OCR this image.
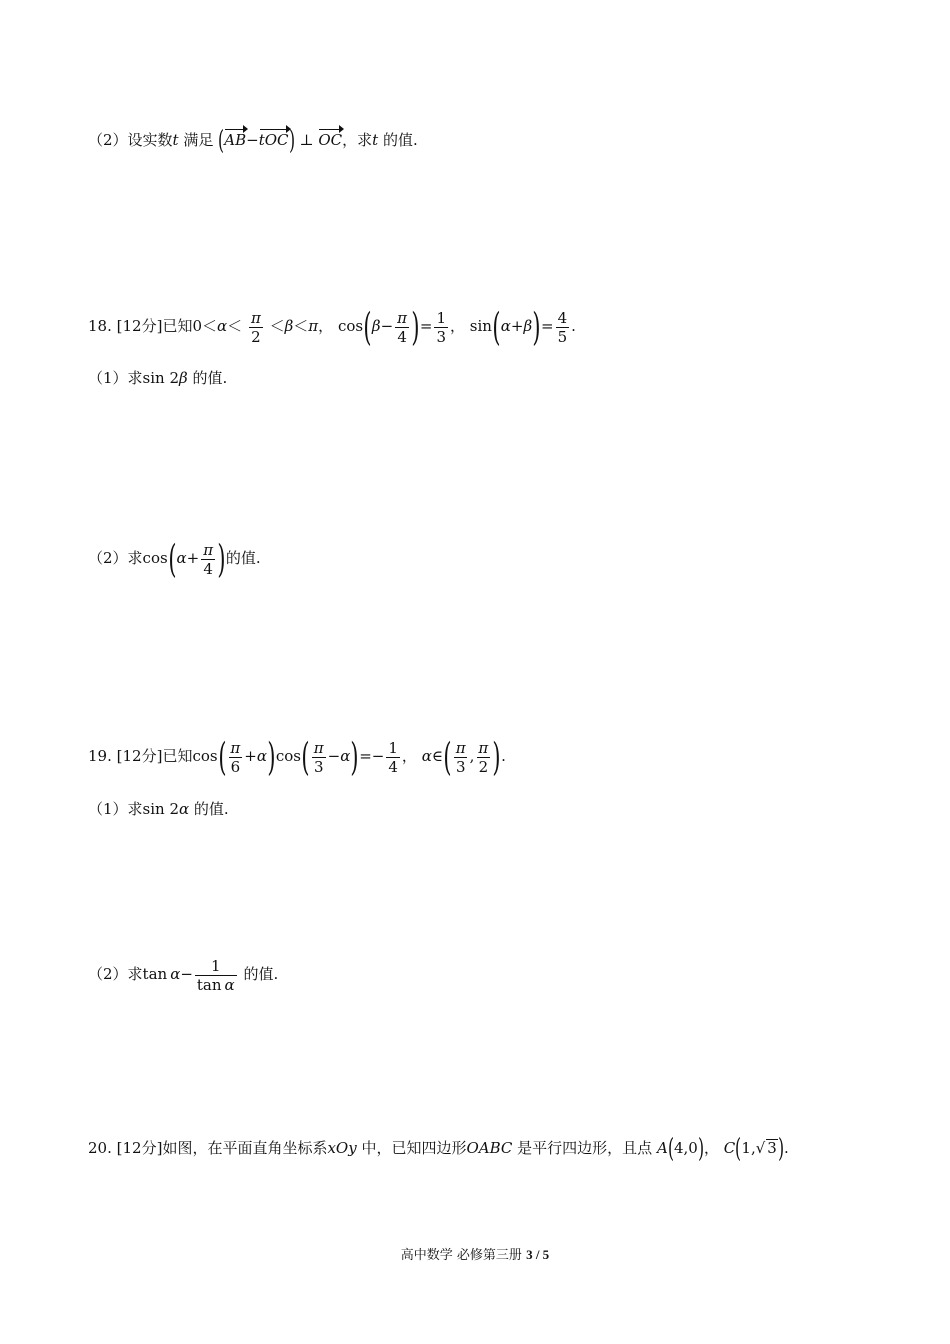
（2）设实数t 满足 (AB−tOC) ⊥ OC，求t 的值.
18. [12分]已知$0<\alpha< \frac{\pi}{2} <\beta<\pi$， $\cos(\beta- \frac{\pi}{4}$ )= $\frac{1}{3}$ ， $\sin(\alpha+\beta)= \frac{4}{5}$ .
（1）求sin 2β 的值.
（2）求$\cos(\alpha+ \frac{\pi}{4}$ )的值.
19. [12分]已知$\cos( \frac{\pi}{6} +\alpha)\cos( \frac{\pi}{3} -\alpha)=- \frac{1}{4}$ ， α∈( $\frac{\pi}{3}$ , $\frac{\pi}{2}$ ).
（1）求sin 2α 的值.
（2）求$\tan \alpha- \frac{1}{\text{tan  α}}$ 的值.
20. [12分]如图，在平面直角坐标系xOy 中，已知四边形OABC 是平行四边形，且点 A(4,0)， C(1,√ 3).
高中数学 必修第三册 3 / 5
